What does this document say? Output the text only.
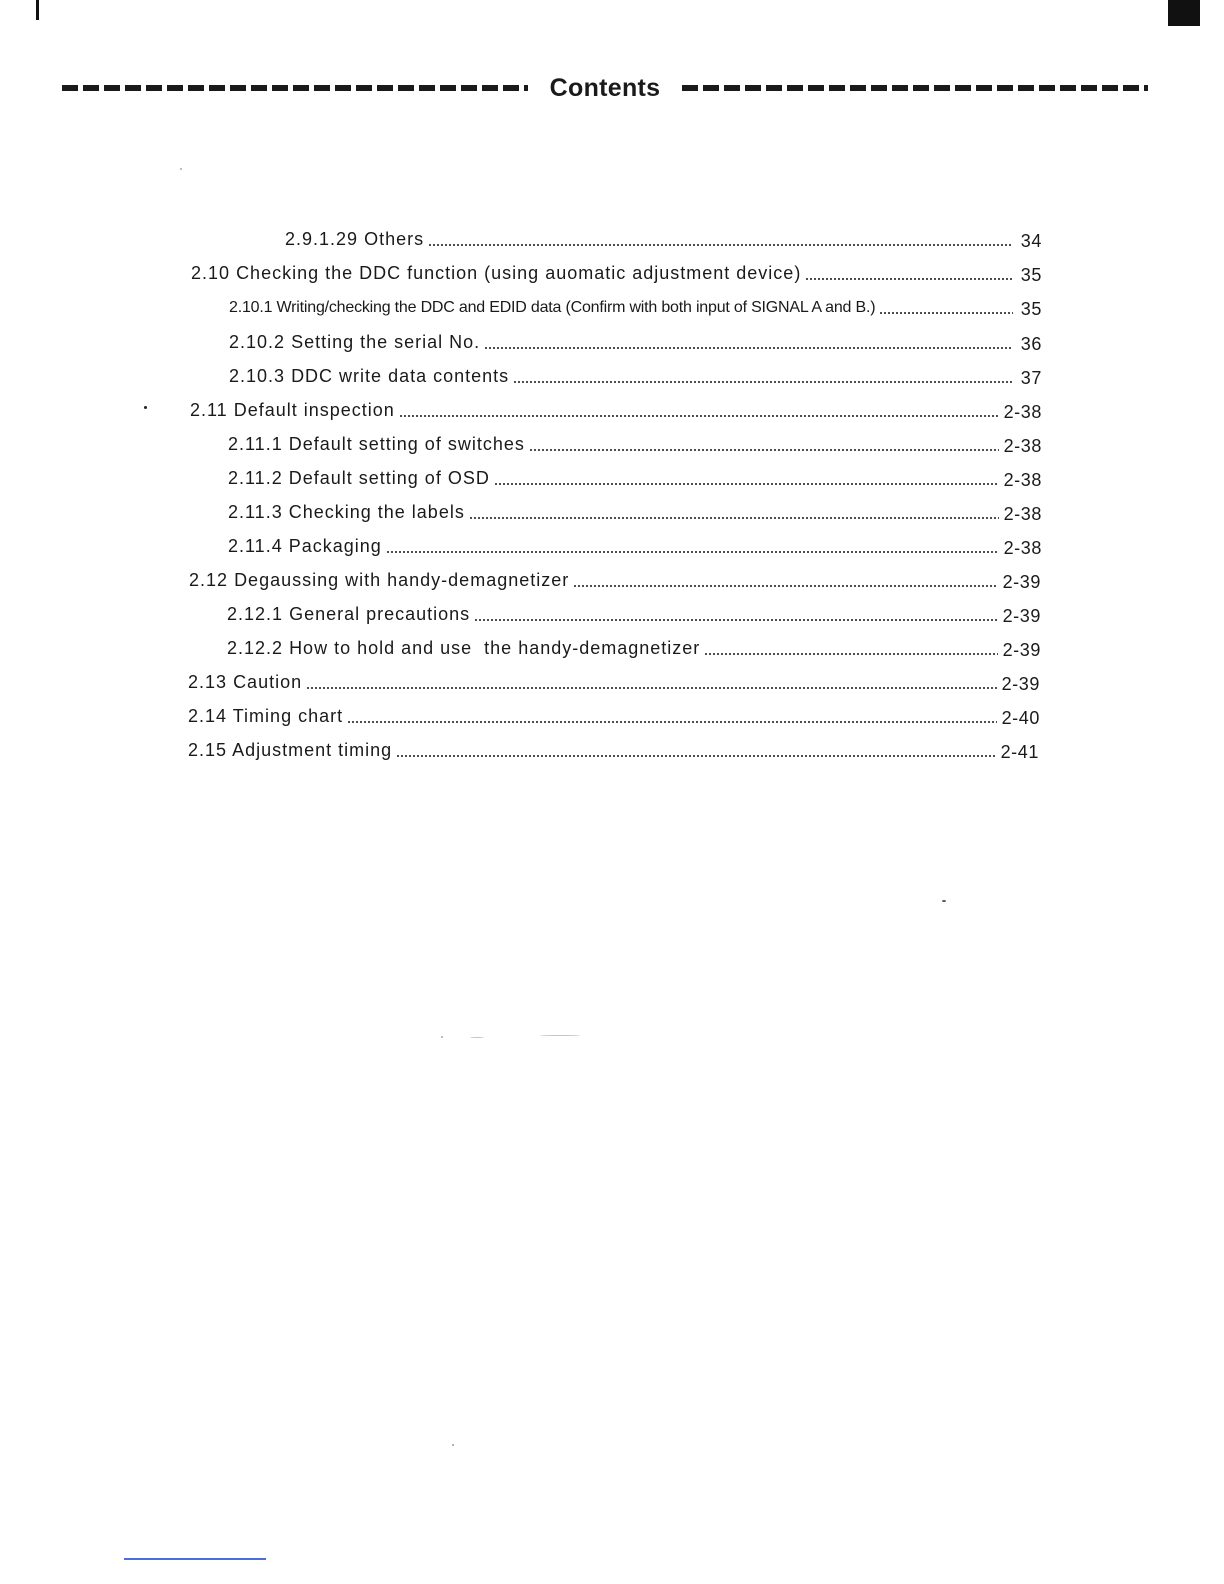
Contents
2.9.1.29 Others	34
2.10 Checking the DDC function (using auomatic adjustment device)	35
2.10.1 Writing/checking the DDC and EDID data (Confirm with both input of SIGNAL A and B.)	35
2.10.2 Setting the serial No.	36
2.10.3 DDC write data contents	37
2.11 Default inspection	2-38
2.11.1 Default setting of switches	2-38
2.11.2 Default setting of OSD	2-38
2.11.3 Checking the labels	2-38
2.11.4 Packaging	2-38
2.12 Degaussing with handy-demagnetizer	2-39
2.12.1 General precautions	2-39
2.12.2 How to hold and use  the handy-demagnetizer	2-39
2.13 Caution	2-39
2.14 Timing chart	2-40
2.15 Adjustment timing	2-41
